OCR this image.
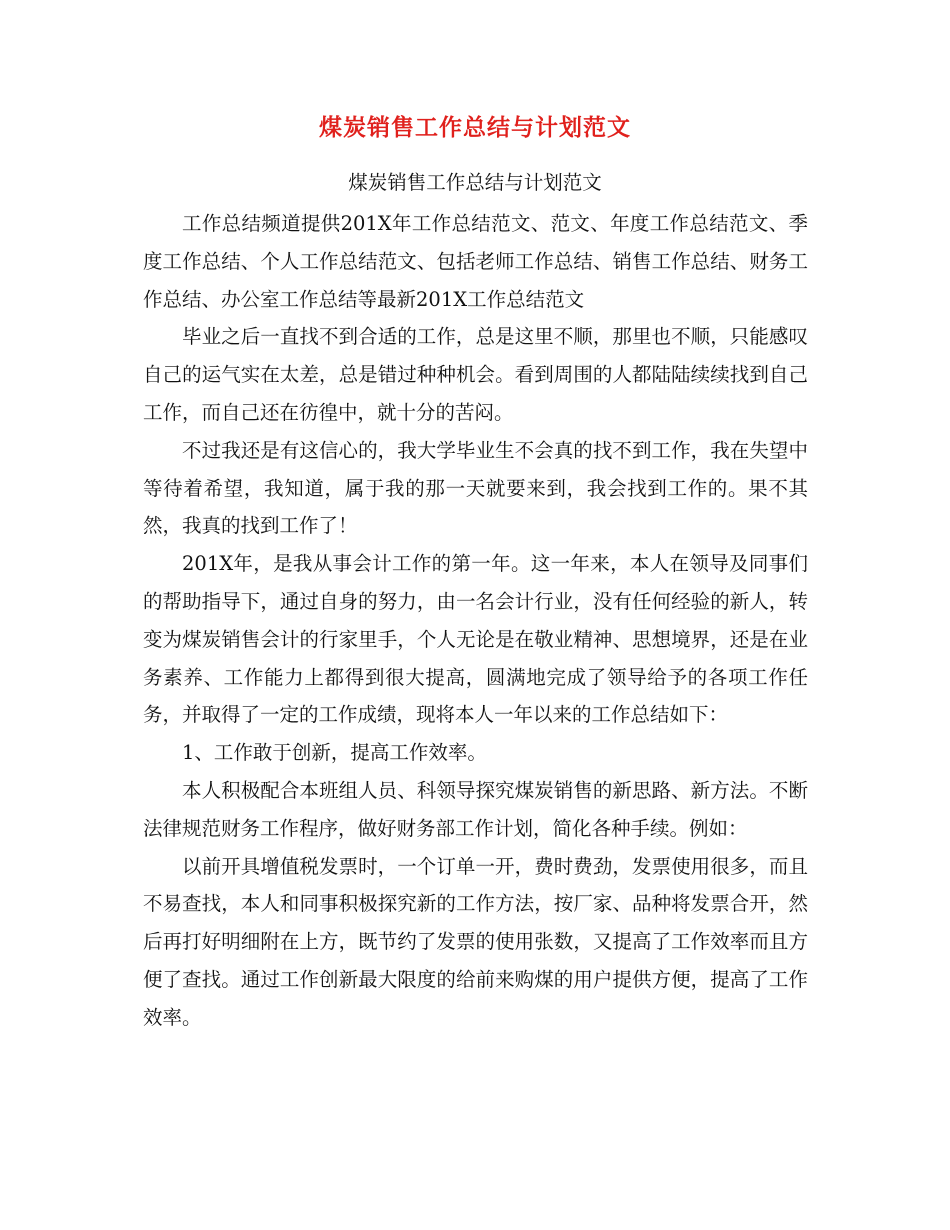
煤炭销售工作总结与计划范文
煤炭销售工作总结与计划范文

工作总结频道提供201X年工作总结范文、范文、年度工作总结范文、季度工作总结、个人工作总结范文、包括老师工作总结、销售工作总结、财务工作总结、办公室工作总结等最新201X工作总结范文

毕业之后一直找不到合适的工作，总是这里不顺，那里也不顺，只能感叹自己的运气实在太差，总是错过种种机会。看到周围的人都陆陆续续找到自己工作，而自己还在彷徨中，就十分的苦闷。

不过我还是有这信心的，我大学毕业生不会真的找不到工作，我在失望中等待着希望，我知道，属于我的那一天就要来到，我会找到工作的。果不其然，我真的找到工作了！

201X年，是我从事会计工作的第一年。这一年来，本人在领导及同事们的帮助指导下，通过自身的努力，由一名会计行业，没有任何经验的新人，转变为煤炭销售会计的行家里手，个人无论是在敬业精神、思想境界，还是在业务素养、工作能力上都得到很大提高，圆满地完成了领导给予的各项工作任务，并取得了一定的工作成绩，现将本人一年以来的工作总结如下：

1、工作敢于创新，提高工作效率。

本人积极配合本班组人员、科领导探究煤炭销售的新思路、新方法。不断法律规范财务工作程序，做好财务部工作计划，简化各种手续。例如：

以前开具增值税发票时，一个订单一开，费时费劲，发票使用很多，而且不易查找，本人和同事积极探究新的工作方法，按厂家、品种将发票合开，然后再打好明细附在上方，既节约了发票的使用张数，又提高了工作效率而且方便了查找。通过工作创新最大限度的给前来购煤的用户提供方便，提高了工作效率。
